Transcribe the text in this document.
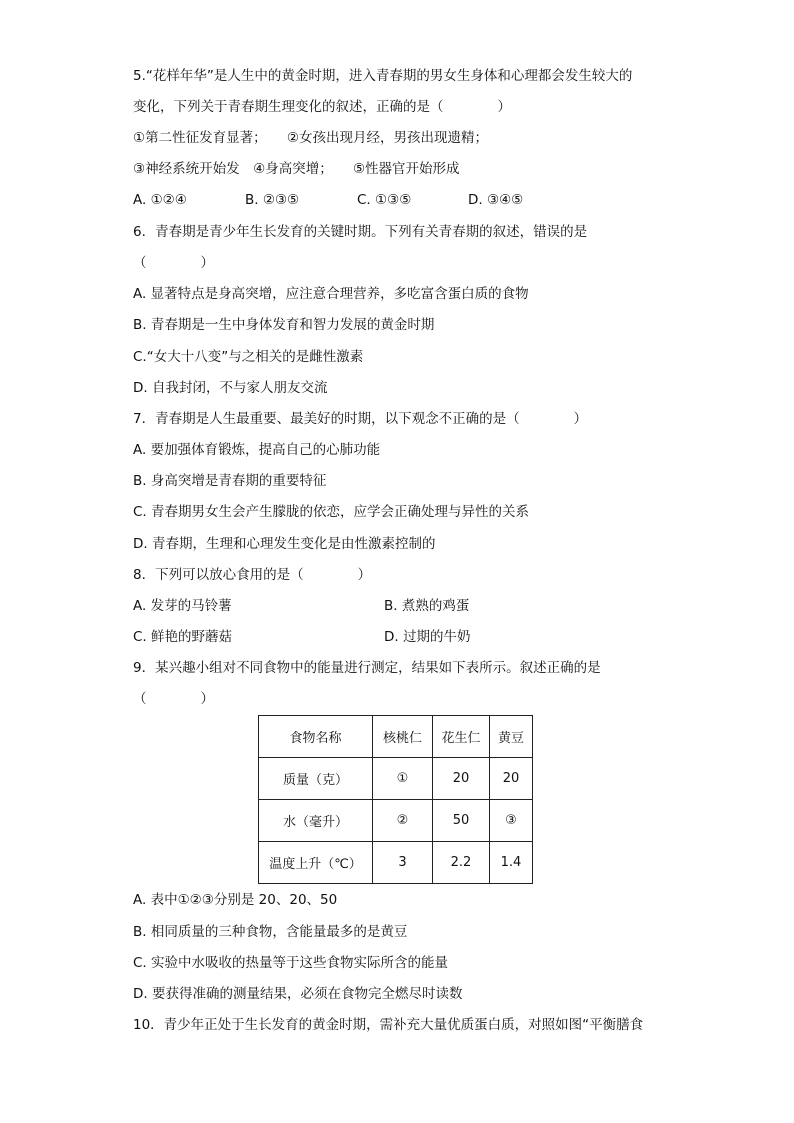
5.“花样年华”是人生中的黄金时期，进入青春期的男女生身体和心理都会发生较大的
变化，下列关于青春期生理变化的叙述，正确的是（　　　　）
①第二性征发育显著；　　②女孩出现月经，男孩出现遗精；
③神经系统开始发　④身高突增；　　⑤性器官开始形成
A. ①②④	B. ②③⑤	C. ①③⑤	D. ③④⑤
6．青春期是青少年生长发育的关键时期。下列有关青春期的叙述，错误的是
（　　　　）
A. 显著特点是身高突增，应注意合理营养，多吃富含蛋白质的食物
B. 青春期是一生中身体发育和智力发展的黄金时期
C.“女大十八变”与之相关的是雌性激素
D. 自我封闭，不与家人朋友交流
7．青春期是人生最重要、最美好的时期，以下观念不正确的是（　　　　）
A. 要加强体育锻炼，提高自己的心肺功能
B. 身高突增是青春期的重要特征
C. 青春期男女生会产生朦胧的依恋，应学会正确处理与异性的关系
D. 青春期，生理和心理发生变化是由性激素控制的
8．下列可以放心食用的是（　　　　）
A. 发芽的马铃薯	B. 煮熟的鸡蛋
C. 鲜艳的野蘑菇	D. 过期的牛奶
9．某兴趣小组对不同食物中的能量进行测定，结果如下表所示。叙述正确的是
（　　　　）
食物名称	核桃仁	花生仁	黄豆
质量（克）	①	20	20
水（毫升）	②	50	③
温度上升（℃）	3	2.2	1.4
A. 表中①②③分别是 20、20、50
B. 相同质量的三种食物，含能量最多的是黄豆
C. 实验中水吸收的热量等于这些食物实际所含的能量
D. 要获得准确的测量结果，必须在食物完全燃尽时读数
10．青少年正处于生长发育的黄金时期，需补充大量优质蛋白质，对照如图“平衡膳食
